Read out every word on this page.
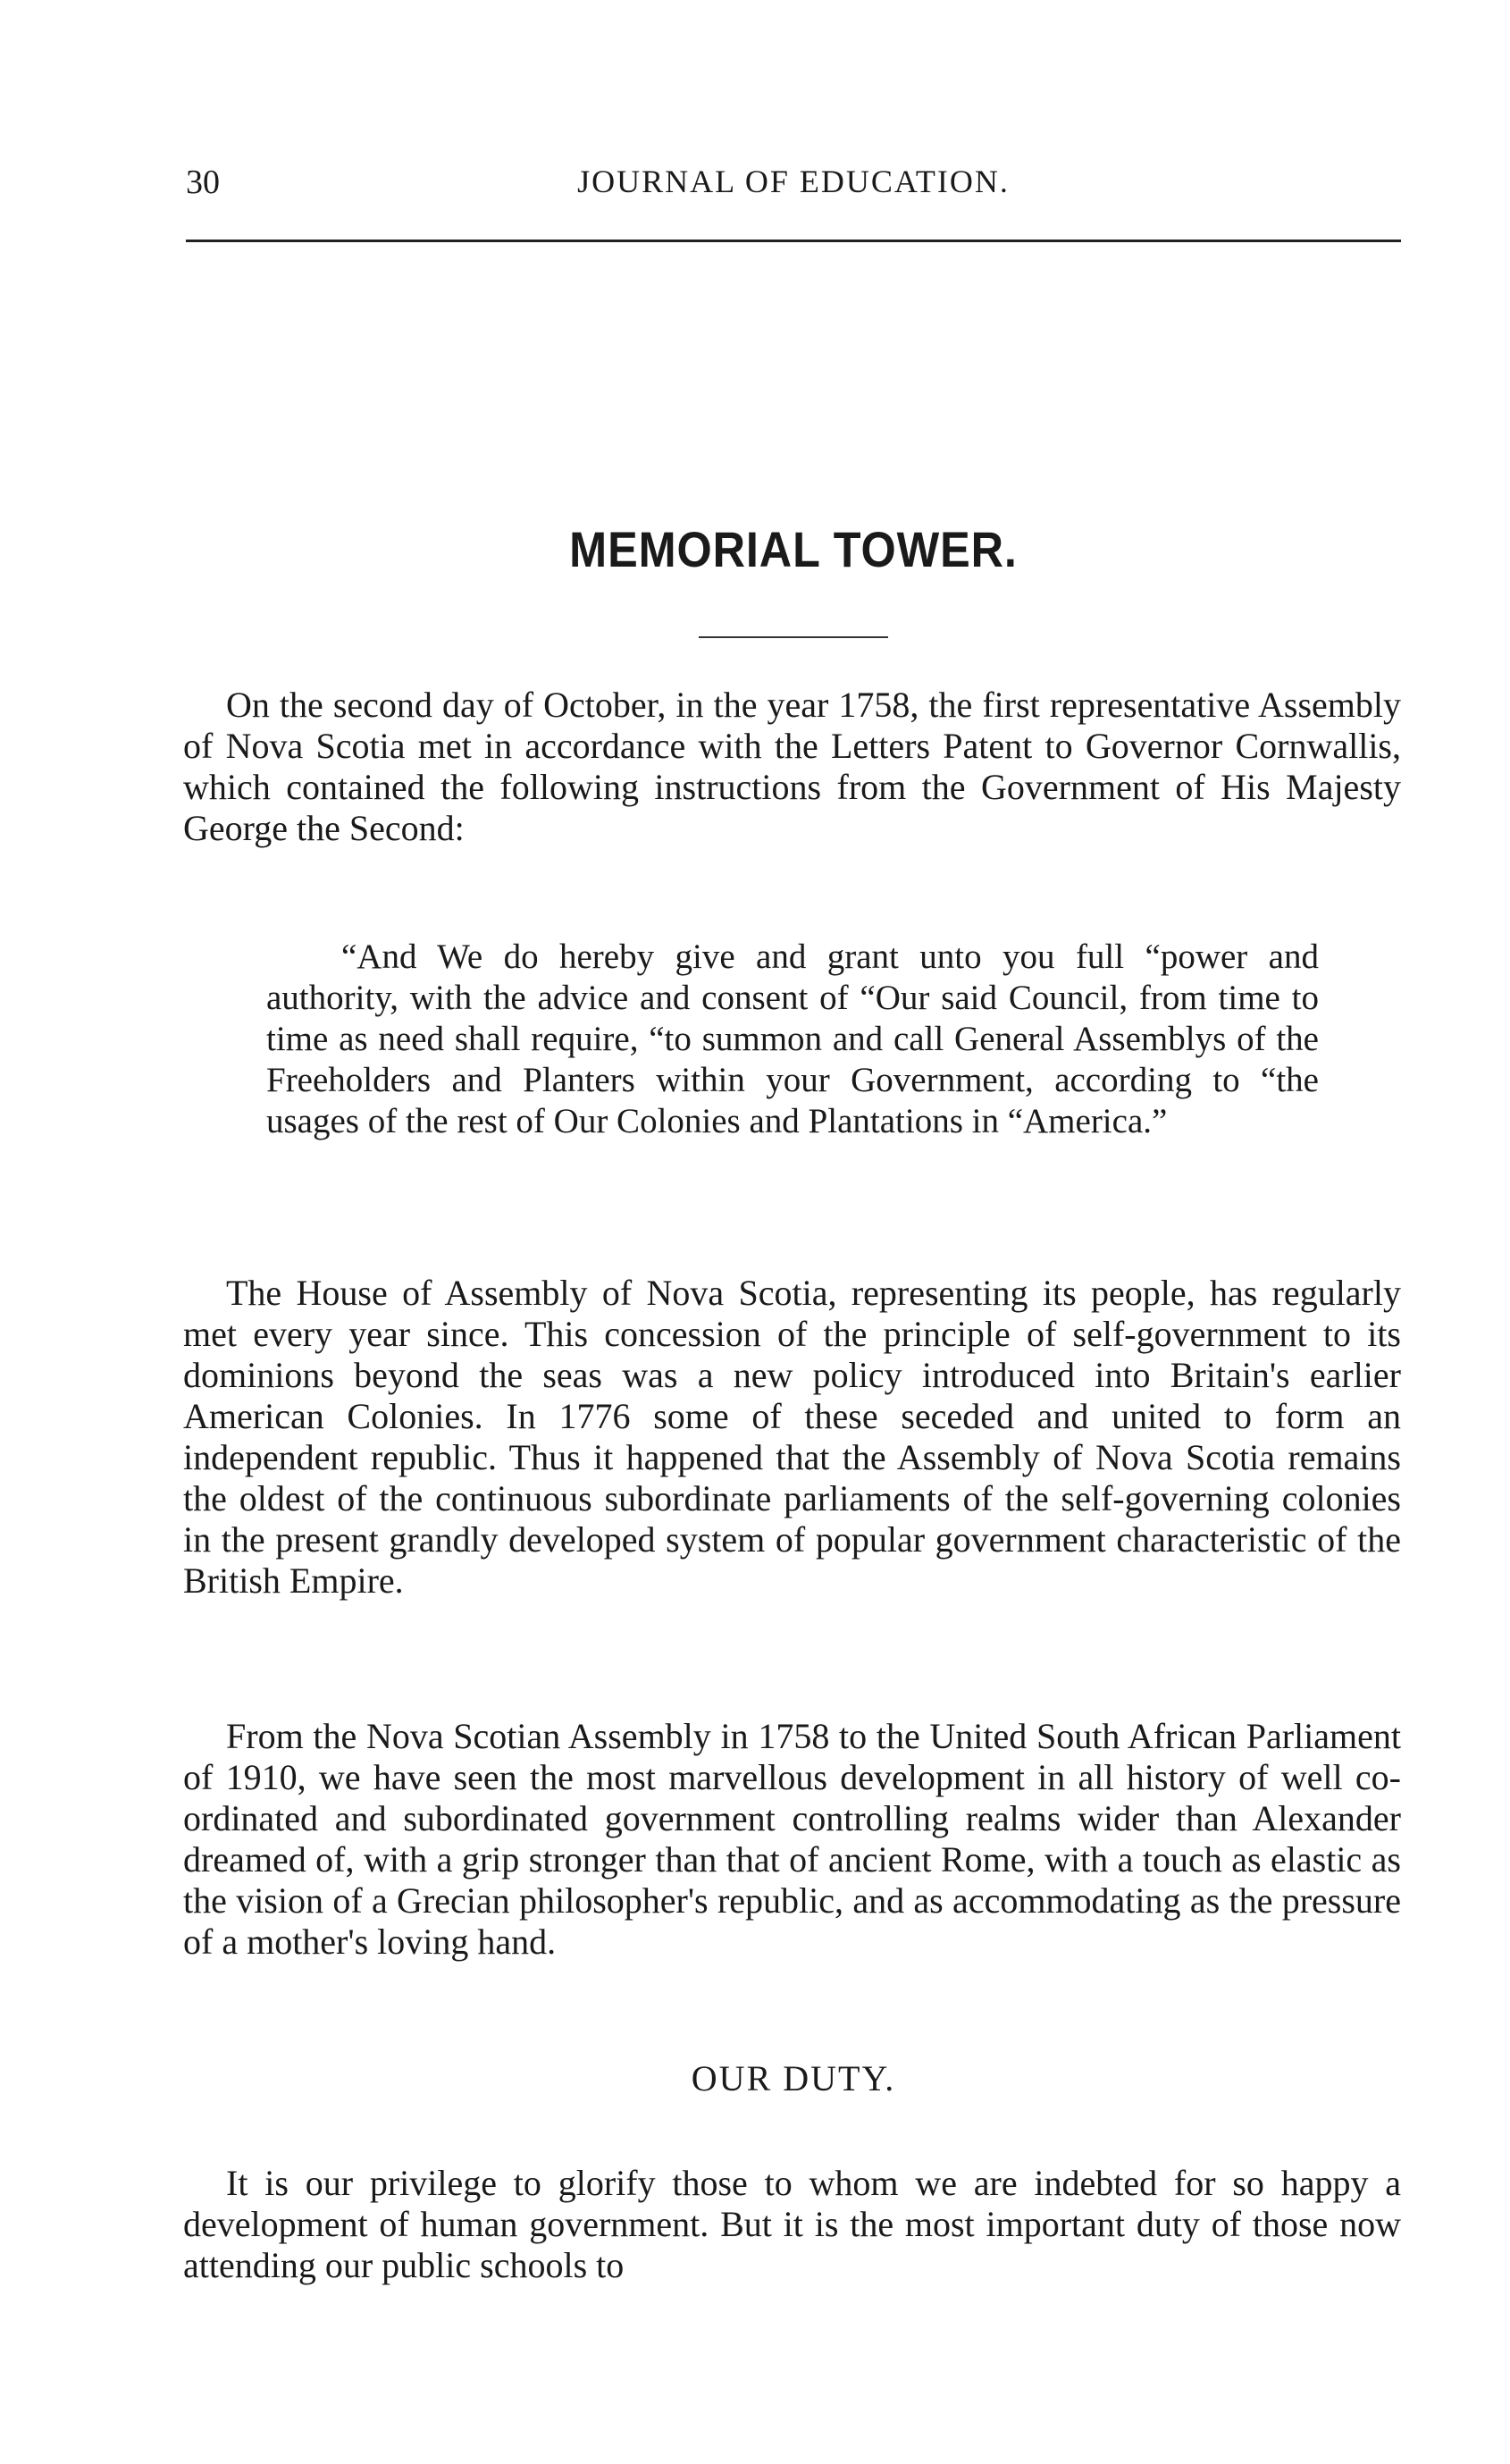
30	JOURNAL OF EDUCATION.
MEMORIAL TOWER.

On the second day of October, in the year 1758, the first representative Assembly of Nova Scotia met in accordance with the Letters Patent to Governor Cornwallis, which contained the following instructions from the Government of His Majesty George the Second:

“And We do hereby give and grant unto you full “power and authority, with the advice and consent of “Our said Council, from time to time as need shall require, “to summon and call General Assemblys of the Freeholders and Planters within your Government, according to “the usages of the rest of Our Colonies and Plantations in “America.”

The House of Assembly of Nova Scotia, representing its people, has regularly met every year since. This concession of the principle of self-government to its dominions beyond the seas was a new policy introduced into Britain's earlier American Colonies. In 1776 some of these seceded and united to form an independent republic. Thus it happened that the Assembly of Nova Scotia remains the oldest of the continuous subordinate parliaments of the self-governing colonies in the present grandly developed system of popular government characteristic of the British Empire.

From the Nova Scotian Assembly in 1758 to the United South African Parliament of 1910, we have seen the most marvellous development in all history of well co-ordinated and subordinated government controlling realms wider than Alexander dreamed of, with a grip stronger than that of ancient Rome, with a touch as elastic as the vision of a Grecian philosopher's republic, and as accommodating as the pressure of a mother's loving hand.

OUR DUTY.

It is our privilege to glorify those to whom we are indebted for so happy a development of human government. But it is the most important duty of those now attending our public schools to
